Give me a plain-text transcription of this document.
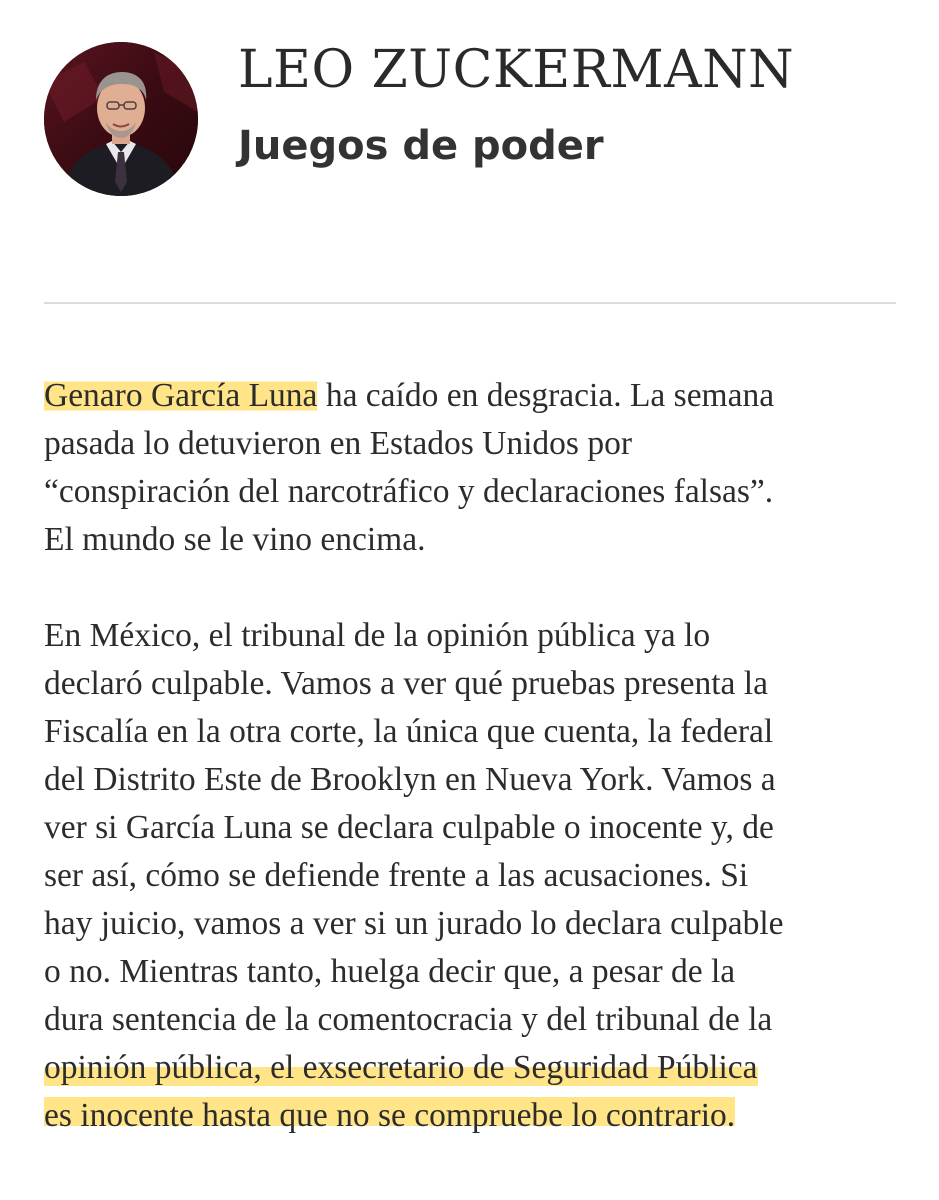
LEO ZUCKERMANN
Juegos de poder

Genaro García Luna ha caído en desgracia. La semana
pasada lo detuvieron en Estados Unidos por
“conspiración del narcotráfico y declaraciones falsas”.
El mundo se le vino encima.

En México, el tribunal de la opinión pública ya lo
declaró culpable. Vamos a ver qué pruebas presenta la
Fiscalía en la otra corte, la única que cuenta, la federal
del Distrito Este de Brooklyn en Nueva York. Vamos a
ver si García Luna se declara culpable o inocente y, de
ser así, cómo se defiende frente a las acusaciones. Si
hay juicio, vamos a ver si un jurado lo declara culpable
o no. Mientras tanto, huelga decir que, a pesar de la
dura sentencia de la comentocracia y del tribunal de la
opinión pública, el exsecretario de Seguridad Pública
es inocente hasta que no se compruebe lo contrario.
